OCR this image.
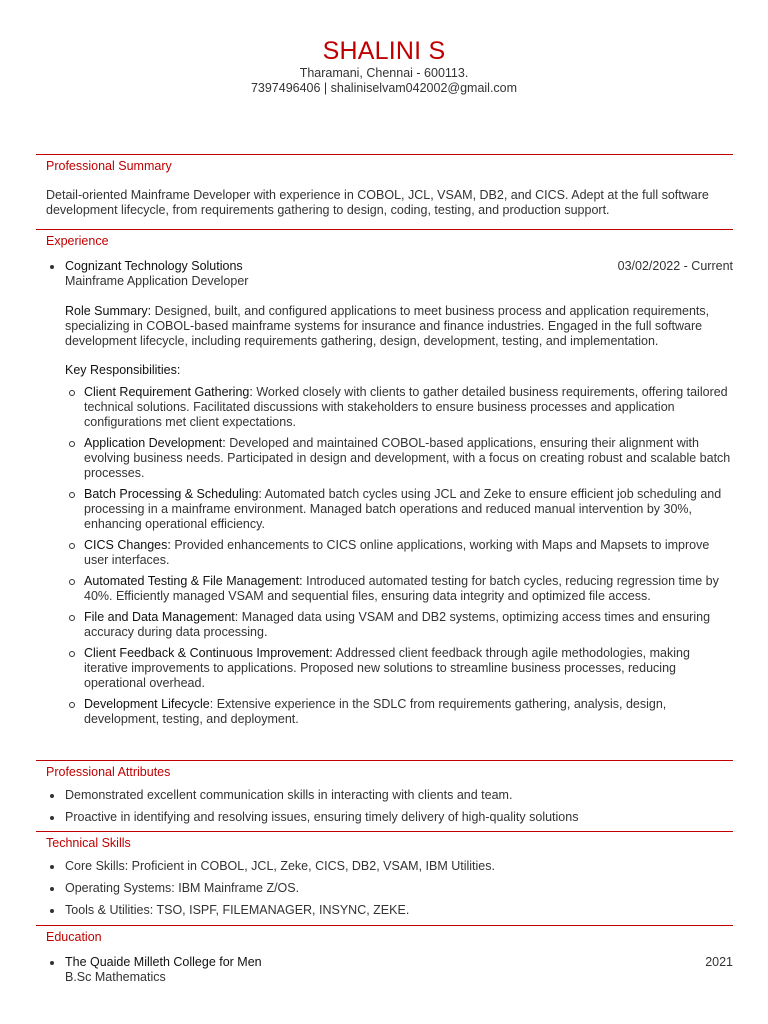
SHALINI S
Tharamani, Chennai - 600113.
7397496406 | shaliniselvam042002@gmail.com
Professional Summary
Detail-oriented Mainframe Developer with experience in COBOL, JCL, VSAM, DB2, and CICS. Adept at the full software development lifecycle, from requirements gathering to design, coding, testing, and production support.
Experience
Cognizant Technology Solutions	03/02/2022 - Current
Mainframe Application Developer
Role Summary: Designed, built, and configured applications to meet business process and application requirements, specializing in COBOL-based mainframe systems for insurance and finance industries. Engaged in the full software development lifecycle, including requirements gathering, design, development, testing, and implementation.
Key Responsibilities:
Client Requirement Gathering: Worked closely with clients to gather detailed business requirements, offering tailored technical solutions. Facilitated discussions with stakeholders to ensure business processes and application configurations met client expectations.
Application Development: Developed and maintained COBOL-based applications, ensuring their alignment with evolving business needs. Participated in design and development, with a focus on creating robust and scalable batch processes.
Batch Processing & Scheduling: Automated batch cycles using JCL and Zeke to ensure efficient job scheduling and processing in a mainframe environment. Managed batch operations and reduced manual intervention by 30%, enhancing operational efficiency.
CICS Changes: Provided enhancements to CICS online applications, working with Maps and Mapsets to improve user interfaces.
Automated Testing & File Management: Introduced automated testing for batch cycles, reducing regression time by 40%. Efficiently managed VSAM and sequential files, ensuring data integrity and optimized file access.
File and Data Management: Managed data using VSAM and DB2 systems, optimizing access times and ensuring accuracy during data processing.
Client Feedback & Continuous Improvement: Addressed client feedback through agile methodologies, making iterative improvements to applications. Proposed new solutions to streamline business processes, reducing operational overhead.
Development Lifecycle: Extensive experience in the SDLC from requirements gathering, analysis, design, development, testing, and deployment.
Professional Attributes
Demonstrated excellent communication skills in interacting with clients and team.
Proactive in identifying and resolving issues, ensuring timely delivery of high-quality solutions
Technical Skills
Core Skills: Proficient in COBOL, JCL, Zeke, CICS, DB2, VSAM, IBM Utilities.
Operating Systems: IBM Mainframe Z/OS.
Tools & Utilities: TSO, ISPF, FILEMANAGER, INSYNC, ZEKE.
Education
The Quaide Milleth College for Men	2021
B.Sc Mathematics
